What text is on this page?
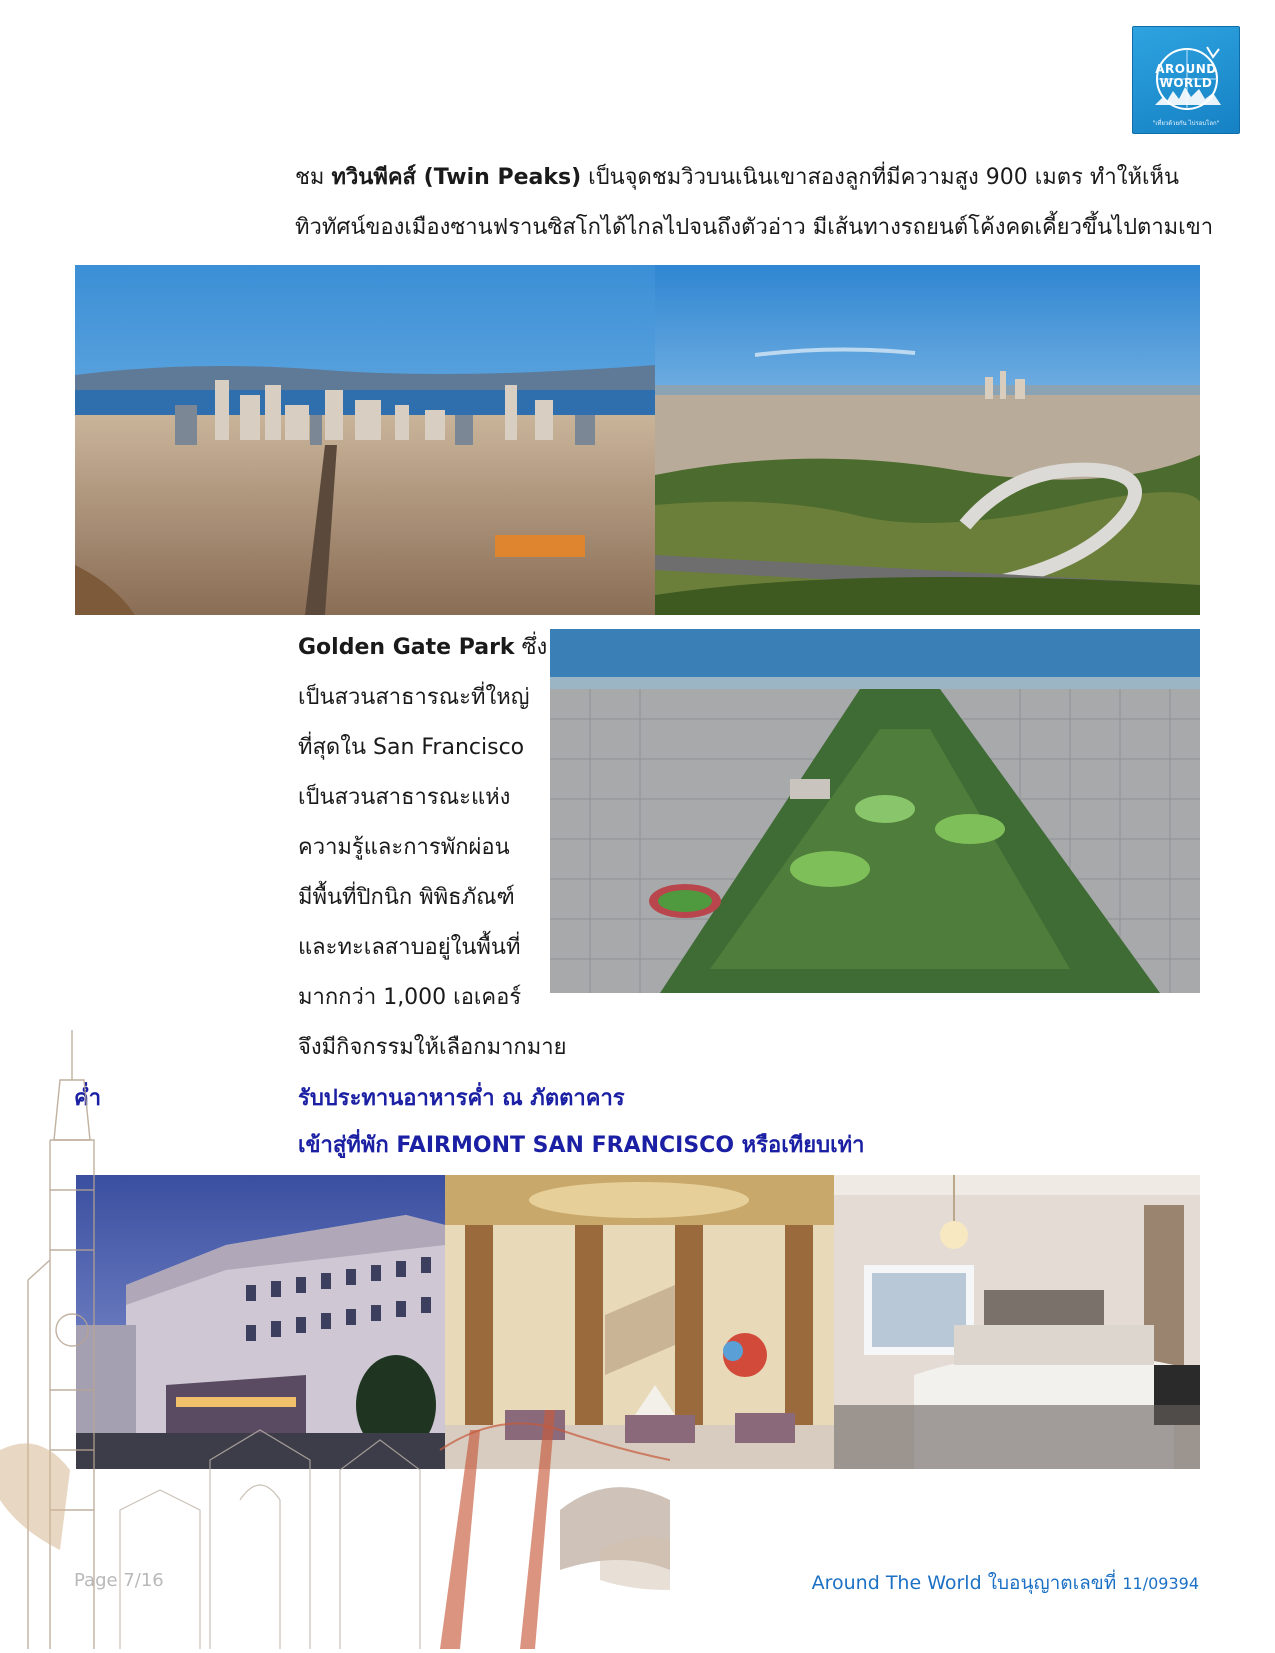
AROUND
WORLD
"เที่ยวด้วยกัน ไปรอบโลก"
ชม ทวินพีคส์ (Twin Peaks) เป็นจุดชมวิวบนเนินเขาสองลูกที่มีความสูง 900 เมตร ทำให้เห็น
ทิวทัศน์ของเมืองซานฟรานซิสโกได้ไกลไปจนถึงตัวอ่าว มีเส้นทางรถยนต์โค้งคดเคี้ยวขึ้นไปตามเขา
Golden Gate Park ซึ่ง
เป็นสวนสาธารณะที่ใหญ่
ที่สุดใน San Francisco
เป็นสวนสาธารณะแห่ง
ความรู้และการพักผ่อน
มีพื้นที่ปิกนิก พิพิธภัณฑ์
และทะเลสาบอยู่ในพื้นที่
มากกว่า 1,000 เอเคอร์
จึงมีกิจกรรมให้เลือกมากมาย
ค่ำ	รับประทานอาหารค่ำ ณ ภัตตาคาร
เข้าสู่ที่พัก FAIRMONT SAN FRANCISCO หรือเทียบเท่า
Page 7/16	Around The World ใบอนุญาตเลขที่ 11/09394
